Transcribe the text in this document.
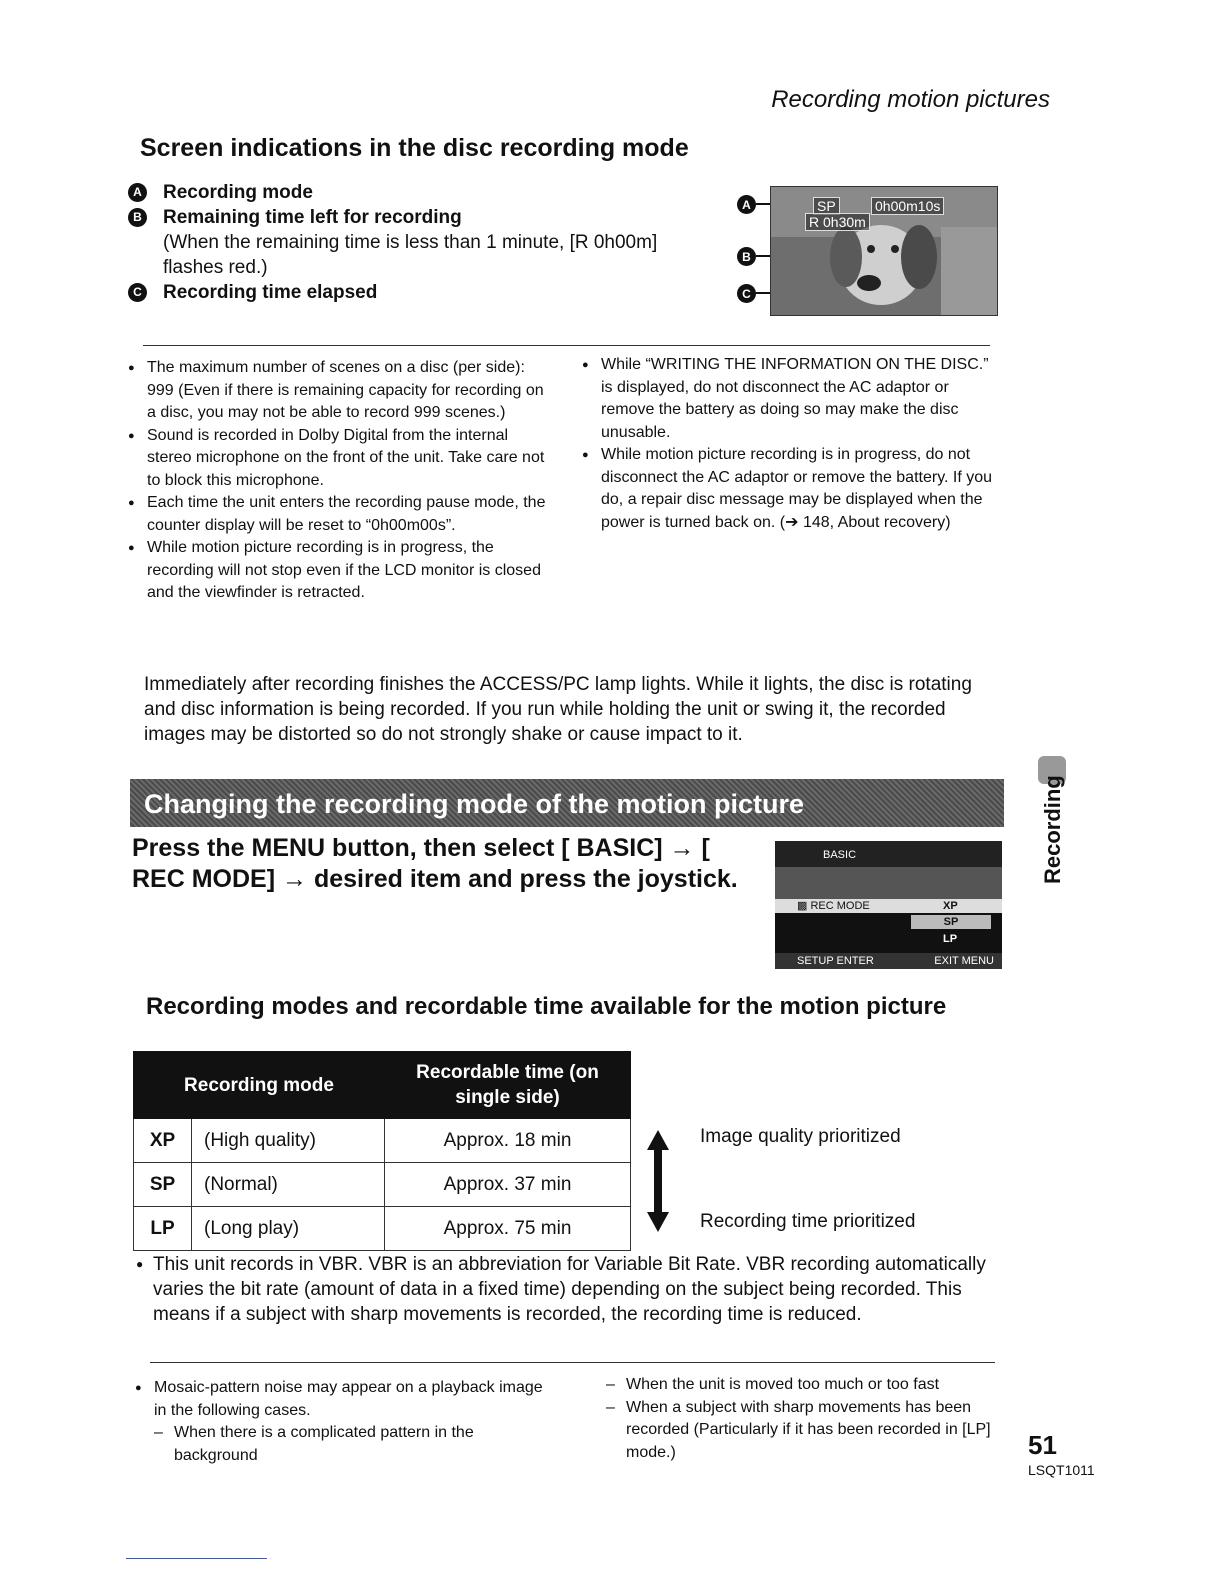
Recording motion pictures
Screen indications in the disc recording mode
A Recording mode
B Remaining time left for recording
(When the remaining time is less than 1 minute, [R 0h00m] flashes red.)
C Recording time elapsed
A
B
C
SP	0h00m10s
R 0h30m
● The maximum number of scenes on a disc (per side): 999 (Even if there is remaining capacity for recording on a disc, you may not be able to record 999 scenes.)
● Sound is recorded in Dolby Digital from the internal stereo microphone on the front of the unit. Take care not to block this microphone.
● Each time the unit enters the recording pause mode, the counter display will be reset to “0h00m00s”.
● While motion picture recording is in progress, the recording will not stop even if the LCD monitor is closed and the viewfinder is retracted.
● While “WRITING THE INFORMATION ON THE DISC.” is displayed, do not disconnect the AC adaptor or remove the battery as doing so may make the disc unusable.
● While motion picture recording is in progress, do not disconnect the AC adaptor or remove the battery. If you do, a repair disc message may be displayed when the power is turned back on. (➔ 148, About recovery)
Immediately after recording finishes the ACCESS/PC lamp lights. While it lights, the disc is rotating and disc information is being recorded. If you run while holding the unit or swing it, the recorded images may be distorted so do not strongly shake or cause impact to it.
Changing the recording mode of the motion picture
Press the MENU button, then select [ BASIC] → [ REC MODE] → desired item and press the joystick.
BASIC
▩ REC MODE	XP
SP
LP
SETUP ENTER	EXIT MENU
Recording modes and recordable time available for the motion picture
Recording mode		Recordable time (on single side)
XP	(High quality)	Approx. 18 min
SP	(Normal)	Approx. 37 min
LP	(Long play)	Approx. 75 min
Image quality prioritized
Recording time prioritized
● This unit records in VBR. VBR is an abbreviation for Variable Bit Rate. VBR recording automatically varies the bit rate (amount of data in a fixed time) depending on the subject being recorded. This means if a subject with sharp movements is recorded, the recording time is reduced.
● Mosaic-pattern noise may appear on a playback image in the following cases.
– When there is a complicated pattern in the background
– When the unit is moved too much or too fast
– When a subject with sharp movements has been recorded (Particularly if it has been recorded in [LP] mode.)
Recording
51
LSQT1011
